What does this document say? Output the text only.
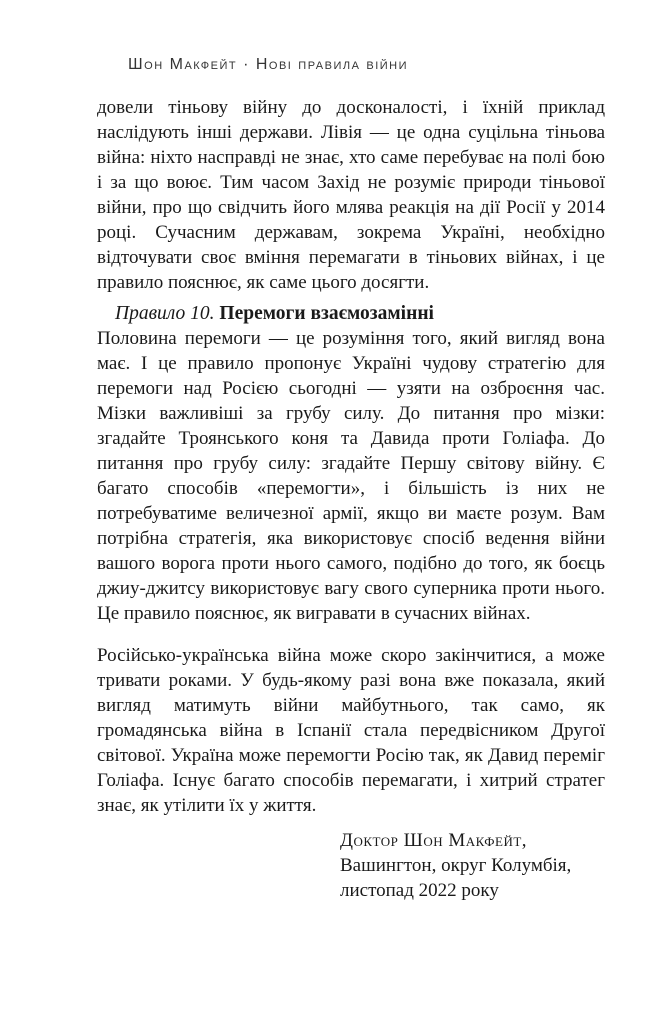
Шон Макфейт · Нові правила війни

довели тіньову війну до досконалості, і їхній приклад наслідують інші держави. Лівія — це одна суцільна тіньова війна: ніхто насправді не знає, хто саме перебуває на полі бою і за що воює. Тим часом Захід не розуміє природи тіньової війни, про що свідчить його млява реакція на дії Росії у 2014 році. Сучасним державам, зокрема Україні, необхідно відточувати своє вміння перемагати в тіньових війнах, і це правило пояснює, як саме цього досягти.

Правило 10. Перемоги взаємозамінні

Половина перемоги — це розуміння того, який вигляд вона має. І це правило пропонує Україні чудову стратегію для перемоги над Росією сьогодні — узяти на озброєння час. Мізки важливіші за грубу силу. До питання про мізки: згадайте Троянського коня та Давида проти Голіафа. До питання про грубу силу: згадайте Першу світову війну. Є багато способів «перемогти», і більшість із них не потребуватиме величезної армії, якщо ви маєте розум. Вам потрібна стратегія, яка використовує спосіб ведення війни вашого ворога проти нього самого, подібно до того, як боєць джиу-джитсу використовує вагу свого суперника проти нього. Це правило пояснює, як вигравати в сучасних війнах.

Російсько-українська війна може скоро закінчитися, а може тривати роками. У будь-якому разі вона вже показала, який вигляд матимуть війни майбутнього, так само, як громадянська війна в Іспанії стала передвісником Другої світової. Україна може перемогти Росію так, як Давид переміг Голіафа. Існує багато способів перемагати, і хитрий стратег знає, як утілити їх у життя.

Доктор Шон Макфейт,
Вашингтон, округ Колумбія,
листопад 2022 року
